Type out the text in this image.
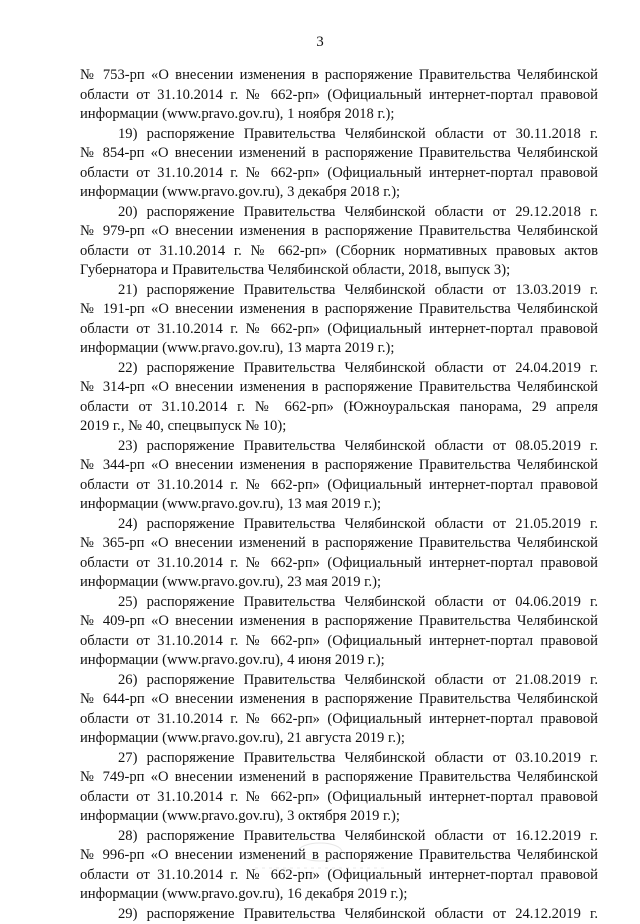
3
№ 753-рп «О внесении изменения в распоряжение Правительства Челябинской
области от 31.10.2014 г. № 662-рп» (Официальный интернет-портал правовой
информации (www.pravo.gov.ru), 1 ноября 2018 г.);
19) распоряжение Правительства Челябинской области от 30.11.2018 г.
№ 854-рп «О внесении изменений в распоряжение Правительства Челябинской
области от 31.10.2014 г. № 662-рп» (Официальный интернет-портал правовой
информации (www.pravo.gov.ru), 3 декабря 2018 г.);
20) распоряжение Правительства Челябинской области от 29.12.2018 г.
№ 979-рп «О внесении изменения в распоряжение Правительства Челябинской
области от 31.10.2014 г. № 662-рп» (Сборник нормативных правовых актов
Губернатора и Правительства Челябинской области, 2018, выпуск 3);
21) распоряжение Правительства Челябинской области от 13.03.2019 г.
№ 191-рп «О внесении изменения в распоряжение Правительства Челябинской
области от 31.10.2014 г. № 662-рп» (Официальный интернет-портал правовой
информации (www.pravo.gov.ru), 13 марта 2019 г.);
22) распоряжение Правительства Челябинской области от 24.04.2019 г.
№ 314-рп «О внесении изменения в распоряжение Правительства Челябинской
области от 31.10.2014 г. № 662-рп» (Южноуральская панорама, 29 апреля
2019 г., № 40, спецвыпуск № 10);
23) распоряжение Правительства Челябинской области от 08.05.2019 г.
№ 344-рп «О внесении изменения в распоряжение Правительства Челябинской
области от 31.10.2014 г. № 662-рп» (Официальный интернет-портал правовой
информации (www.pravo.gov.ru), 13 мая 2019 г.);
24) распоряжение Правительства Челябинской области от 21.05.2019 г.
№ 365-рп «О внесении изменений в распоряжение Правительства Челябинской
области от 31.10.2014 г. № 662-рп» (Официальный интернет-портал правовой
информации (www.pravo.gov.ru), 23 мая 2019 г.);
25) распоряжение Правительства Челябинской области от 04.06.2019 г.
№ 409-рп «О внесении изменения в распоряжение Правительства Челябинской
области от 31.10.2014 г. № 662-рп» (Официальный интернет-портал правовой
информации (www.pravo.gov.ru), 4 июня 2019 г.);
26) распоряжение Правительства Челябинской области от 21.08.2019 г.
№ 644-рп «О внесении изменения в распоряжение Правительства Челябинской
области от 31.10.2014 г. № 662-рп» (Официальный интернет-портал правовой
информации (www.pravo.gov.ru), 21 августа 2019 г.);
27) распоряжение Правительства Челябинской области от 03.10.2019 г.
№ 749-рп «О внесении изменений в распоряжение Правительства Челябинской
области от 31.10.2014 г. № 662-рп» (Официальный интернет-портал правовой
информации (www.pravo.gov.ru), 3 октября 2019 г.);
28) распоряжение Правительства Челябинской области от 16.12.2019 г.
№ 996-рп «О внесении изменений в распоряжение Правительства Челябинской
области от 31.10.2014 г. № 662-рп» (Официальный интернет-портал правовой
информации (www.pravo.gov.ru), 16 декабря 2019 г.);
29) распоряжение Правительства Челябинской области от 24.12.2019 г.
